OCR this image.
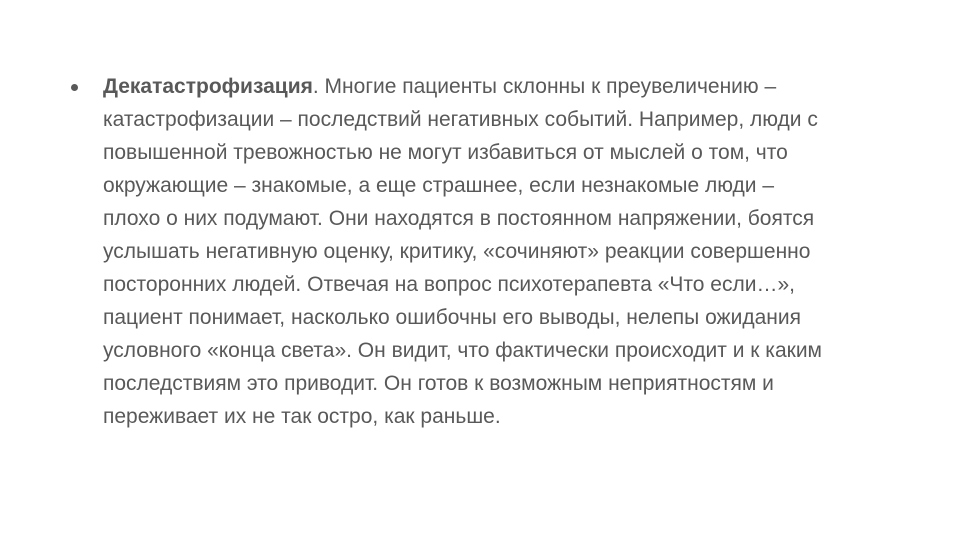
Декатастрофизация. Многие пациенты склонны к преувеличению –
катастрофизации – последствий негативных событий. Например, люди с
повышенной тревожностью не могут избавиться от мыслей о том, что
окружающие – знакомые, а еще страшнее, если незнакомые люди –
плохо о них подумают. Они находятся в постоянном напряжении, боятся
услышать негативную оценку, критику, «сочиняют» реакции совершенно
посторонних людей. Отвечая на вопрос психотерапевта «Что если…»,
пациент понимает, насколько ошибочны его выводы, нелепы ожидания
условного «конца света». Он видит, что фактически происходит и к каким
последствиям это приводит. Он готов к возможным неприятностям и
переживает их не так остро, как раньше.
